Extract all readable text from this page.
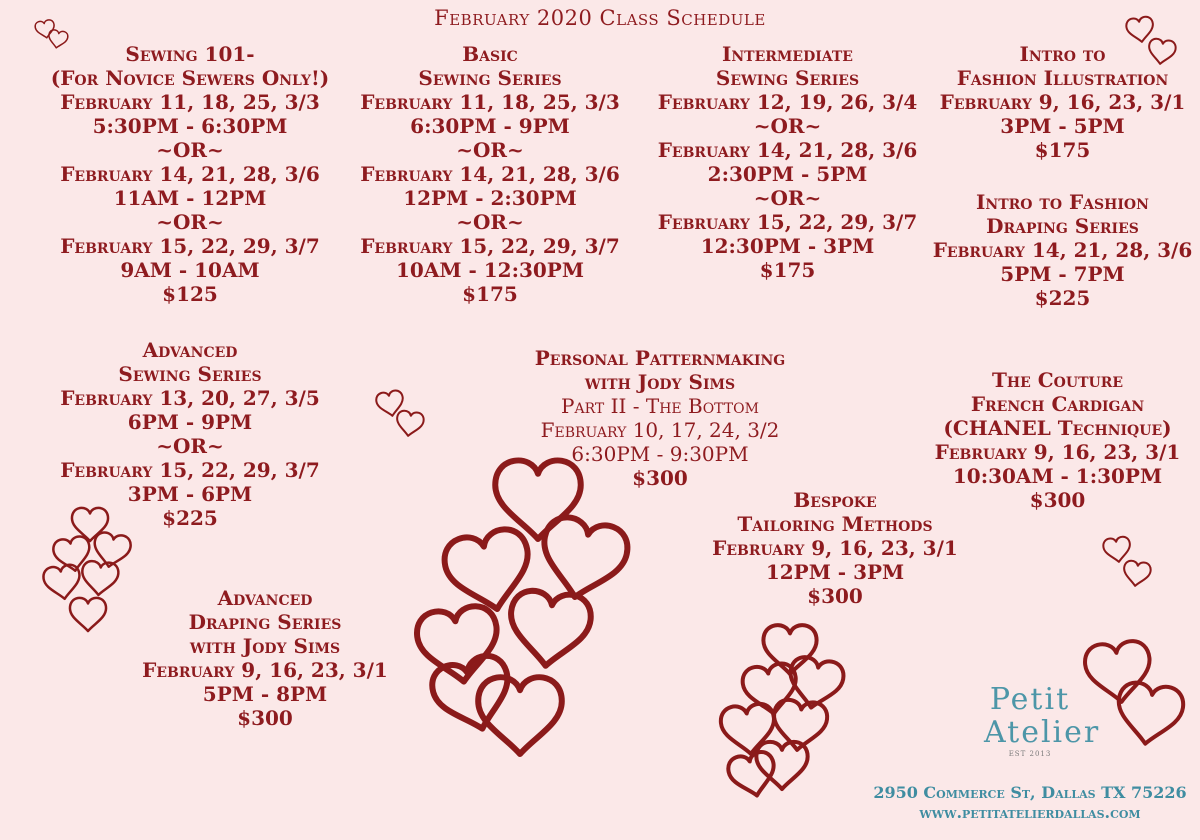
February 2020 Class Schedule
Sewing 101-
(For Novice Sewers Only!)
February 11, 18, 25, 3/3
5:30PM - 6:30PM
~OR~
February 14, 21, 28, 3/6
11AM - 12PM
~OR~
February 15, 22, 29, 3/7
9AM - 10AM
$125
Basic
Sewing Series
February 11, 18, 25, 3/3
6:30PM - 9PM
~OR~
February 14, 21, 28, 3/6
12PM - 2:30PM
~OR~
February 15, 22, 29, 3/7
10AM - 12:30PM
$175
Intermediate
Sewing Series
February 12, 19, 26, 3/4
~OR~
February 14, 21, 28, 3/6
2:30PM - 5PM
~OR~
February 15, 22, 29, 3/7
12:30PM - 3PM
$175
Intro to
Fashion Illustration
February 9, 16, 23, 3/1
3PM - 5PM
$175
Intro to Fashion
Draping Series
February 14, 21, 28, 3/6
5PM - 7PM
$225
Advanced
Sewing Series
February 13, 20, 27, 3/5
6PM - 9PM
~OR~
February 15, 22, 29, 3/7
3PM - 6PM
$225
Personal Patternmaking
with Jody Sims
Part II - The Bottom
February 10, 17, 24, 3/2
6:30PM - 9:30PM
$300
The Couture
French Cardigan
(CHANEL Technique)
February 9, 16, 23, 3/1
10:30AM - 1:30PM
$300
Bespoke
Tailoring Methods
February 9, 16, 23, 3/1
12PM - 3PM
$300
Advanced
Draping Series
with Jody Sims
February 9, 16, 23, 3/1
5PM - 8PM
$300
Petit
Atelier
EST 2013
2950 Commerce St, Dallas TX 75226
www.petitatelierdallas.com
